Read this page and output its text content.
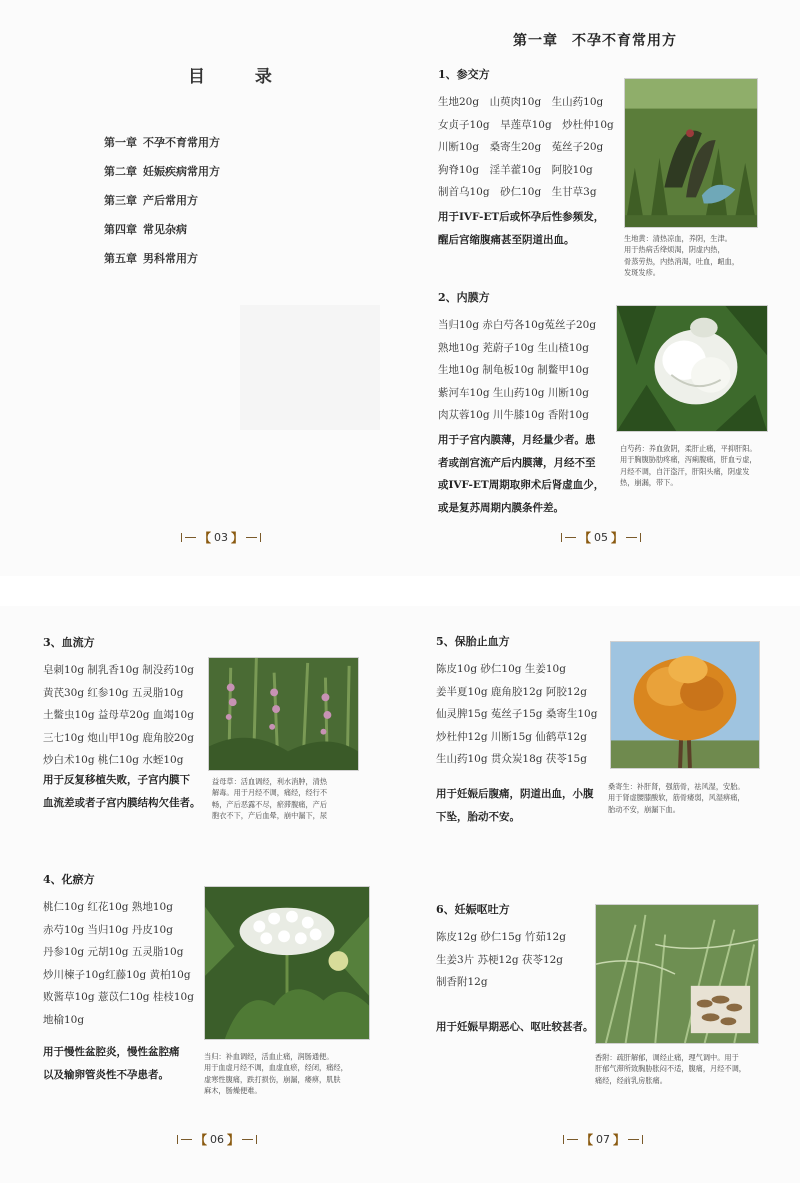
目 录
第一章 不孕不育常用方
第二章 妊娠疾病常用方
第三章 产后常用方
第四章 常见杂病
第五章 男科常用方
【 03 】
第一章 不孕不育常用方
1、参交方
生地20g　山萸肉10g　生山药10g
女贞子10g　旱莲草10g　炒杜仲10g
川断10g　桑寄生20g　菟丝子20g
狗脊10g　淫羊藿10g　阿胶10g
制首乌10g　砂仁10g　生甘草3g
用于IVF-ET后或怀孕后性参频发，
醒后宫缩腹痛甚至阴道出血。	生地黄：清热凉血，养阴，生津。
用于热病舌绛烦渴，阴虚内热，
骨蒸劳热，内热消渴，吐血，衄血，
发斑发疹。
2、内膜方
当归10g 赤白芍各10g菟丝子20g
熟地10g 茺蔚子10g 生山楂10g
生地10g 制龟板10g 制鳖甲10g
紫河车10g 生山药10g 川断10g
肉苁蓉10g 川牛膝10g 香附10g
用于子宫内膜薄，月经量少者。患
者或剖宫流产后内膜薄，月经不至
或IVF-ET周期取卵术后肾虚血少，
或是复苏周期内膜条件差。
白芍药：养血敛阴，柔肝止痛，平抑肝阳。
用于胸腹胁肋疼痛，泻痢腹痛，肝血亏虚，
月经不调，自汗盗汗，肝阳头痛，阴虚发
热，崩漏，带下。
【 05 】
3、血流方
皂刺10g 制乳香10g 制没药10g
黄芪30g 红参10g 五灵脂10g
土鳖虫10g 益母草20g 血竭10g
三七10g 炮山甲10g 鹿角胶20g
炒白术10g 桃仁10g 水蛭10g
用于反复移植失败，子宫内膜下
血流差或者子宫内膜结构欠佳者。
益母草：活血调经，利水消肿，清热
解毒。用于月经不调，痛经，经行不
畅，产后恶露不尽，瘀滞腹痛，产后
胞衣不下，产后血晕，崩中漏下，尿
4、化瘀方
桃仁10g 红花10g 熟地10g
赤芍10g 当归10g 丹皮10g
丹参10g 元胡10g 五灵脂10g
炒川楝子10g红藤10g 黄柏10g
败酱草10g 薏苡仁10g 桂枝10g
地榆10g
用于慢性盆腔炎，慢性盆腔痛
以及输卵管炎性不孕患者。
当归：补血调经，活血止痛，润肠通便。
用于血虚月经不调，血虚血瘀，经闭，痛经，
虚寒性腹痛，跌打损伤，崩漏，痿痹，肌肤
麻木，肠燥便难。
【 06 】
5、保胎止血方
陈皮10g 砂仁10g 生姜10g
姜半夏10g 鹿角胶12g 阿胶12g
仙灵脾15g 菟丝子15g 桑寄生10g
炒杜仲12g 川断15g 仙鹤草12g
生山药10g 贯众炭18g 茯苓15g
用于妊娠后腹痛，阴道出血，小腹
下坠，胎动不安。
桑寄生：补肝肾，强筋骨，祛风湿，安胎。
用于肾虚腰膝酸软，筋骨痿弱，风湿痹痛，
胎动不安，崩漏下血。
6、妊娠呕吐方
陈皮12g 砂仁15g 竹茹12g
生姜3片 苏梗12g 茯苓12g
制香附12g
用于妊娠早期恶心、呕吐较甚者。
香附：疏肝解郁，调经止痛，理气调中。用于
肝郁气滞所致胸胁胀闷不适，腹痛，月经不调，
痛经，经前乳房胀痛。
【 07 】
